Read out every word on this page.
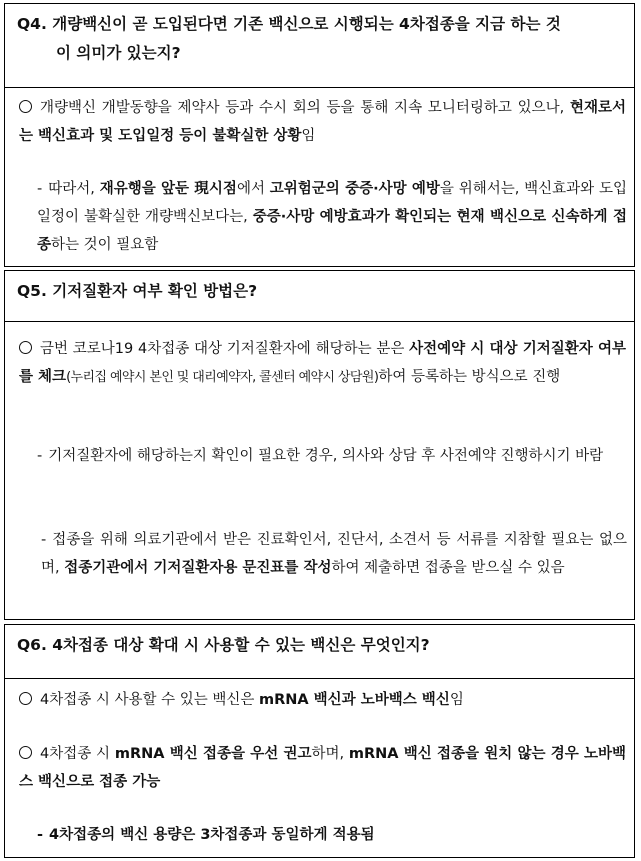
Q4. 개량백신이 곧 도입된다면 기존 백신으로 시행되는 4차접종을 지금 하는 것
이 의미가 있는지?
개량백신 개발동향을 제약사 등과 수시 회의 등을 통해 지속 모니터링하고 있으나, 현재로서는 백신효과 및 도입일정 등이 불확실한 상황임
- 따라서, 재유행을 앞둔 現시점에서 고위험군의 중증·사망 예방을 위해서는, 백신효과와 도입일정이 불확실한 개량백신보다는, 중증·사망 예방효과가 확인되는 현재 백신으로 신속하게 접종하는 것이 필요함
Q5. 기저질환자 여부 확인 방법은?
금번 코로나19 4차접종 대상 기저질환자에 해당하는 분은 사전예약 시 대상 기저질환자 여부를 체크(누리집 예약시 본인 및 대리예약자, 콜센터 예약시 상담원)하여 등록하는 방식으로 진행
- 기저질환자에 해당하는지 확인이 필요한 경우, 의사와 상담 후 사전예약 진행하시기 바람
- 접종을 위해 의료기관에서 받은 진료확인서, 진단서, 소견서 등 서류를 지참할 필요는 없으며, 접종기관에서 기저질환자용 문진표를 작성하여 제출하면 접종을 받으실 수 있음
Q6. 4차접종 대상 확대 시 사용할 수 있는 백신은 무엇인지?
4차접종 시 사용할 수 있는 백신은 mRNA 백신과 노바백스 백신임
4차접종 시 mRNA 백신 접종을 우선 권고하며, mRNA 백신 접종을 원치 않는 경우 노바백스 백신으로 접종 가능
- 4차접종의 백신 용량은 3차접종과 동일하게 적용됨
